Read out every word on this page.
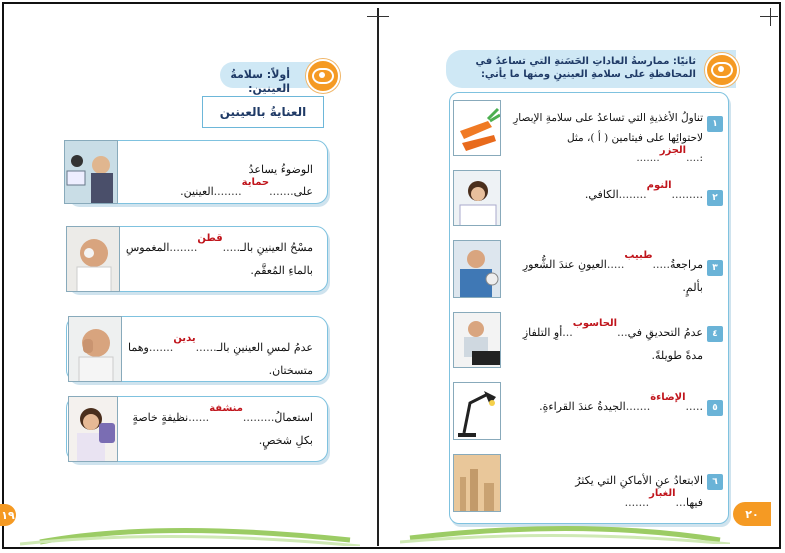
أولاً: سلامةُ العينين:
العنايةُ بالعينين
الوضوءُ يساعدُ على.......حماية........العينين.
مسْحُ العينينِ بالـ.....قطن........المغموسِ
بالماءِ المُعقَّم.
عدمُ لمسِ العينينِ بالـ......يدين.......وهما متسختان.
استعمالُ.........منشفة......نظيفةٍ خاصةٍ
بكلِ شخصٍ.
١٩
ثانيًا: ممارسةُ العاداتِ الحَسَنةِ التي تساعدُ في المحافظةِ على سلامةِ العينينِ ومنها ما يأتي:
١
تناولُ الأغذيةِ التي تساعدُ على سلامةِ الإبصارِ
لاحتوائِها على فيتامين ( أ )، مثل :....الجزر.......
٢
.........النوم........الكافي.
٣
مراجعةُ.....طبيب.....العيونِ عندَ الشُّعورِ بألمٍ.
٤
عدمُ التحديقِ في...الحاسوب...أوِ التلفازِ مدةً طويلةً.
٥
.....الإضاءة.......الجيدةُ عندَ القراءةِ.
٦
الابتعادُ عنِ الأماكنِ التي يكثرُ فيها...الغبار.......
٢٠
